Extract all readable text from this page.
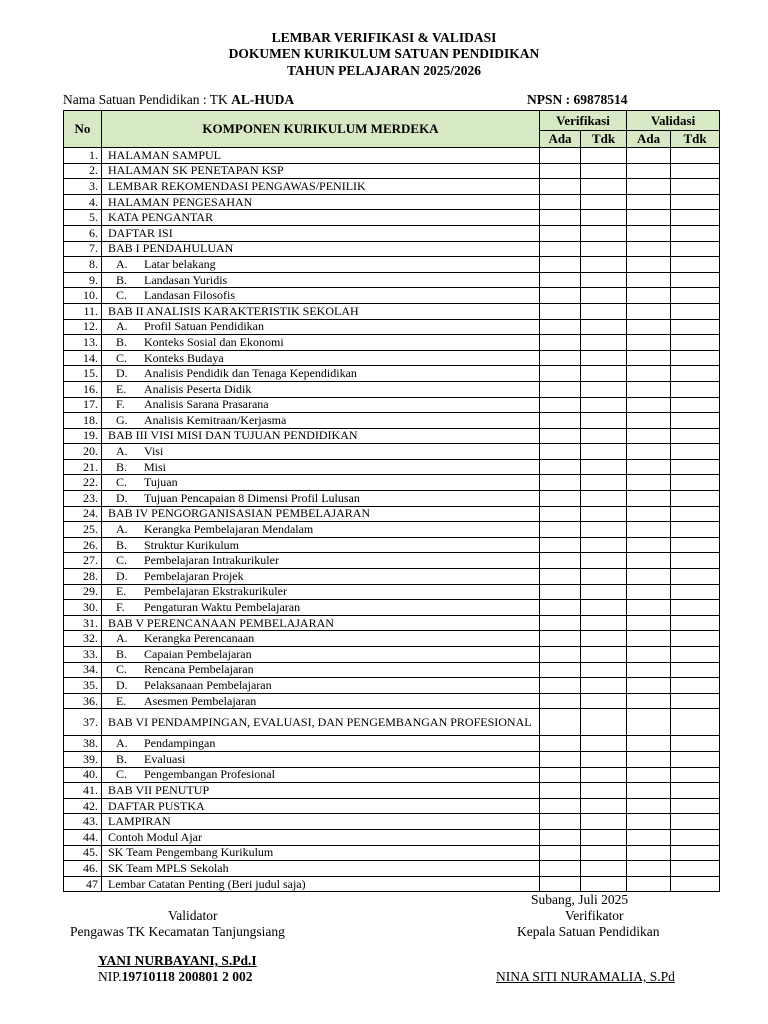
LEMBAR VERIFIKASI & VALIDASI
DOKUMEN KURIKULUM SATUAN PENDIDIKAN
TAHUN PELAJARAN 2025/2026
Nama Satuan Pendidikan : TK AL-HUDA	NPSN : 69878514
No	KOMPONEN KURIKULUM MERDEKA	Verifikasi		Validasi	
		Ada	Tdk	Ada	Tdk
1.	HALAMAN SAMPUL				
2.	HALAMAN SK PENETAPAN KSP				
3.	LEMBAR REKOMENDASI PENGAWAS/PENILIK				
4.	HALAMAN PENGESAHAN				
5.	KATA PENGANTAR				
6.	DAFTAR ISI				
7.	BAB I PENDAHULUAN				
8.	A. Latar belakang				
9.	B. Landasan Yuridis				
10.	C. Landasan Filosofis				
11.	BAB II ANALISIS KARAKTERISTIK SEKOLAH				
12.	A. Profil Satuan Pendidikan				
13.	B. Konteks Sosial dan Ekonomi				
14.	C. Konteks Budaya				
15.	D. Analisis Pendidik dan Tenaga Kependidikan				
16.	E. Analisis Peserta Didik				
17.	F. Analisis Sarana Prasarana				
18.	G. Analisis Kemitraan/Kerjasma				
19.	BAB III VISI MISI DAN TUJUAN PENDIDIKAN				
20.	A. Visi				
21.	B. Misi				
22.	C. Tujuan				
23.	D. Tujuan Pencapaian 8 Dimensi Profil Lulusan				
24.	BAB IV PENGORGANISASIAN PEMBELAJARAN				
25.	A. Kerangka Pembelajaran Mendalam				
26.	B. Struktur Kurikulum				
27.	C. Pembelajaran Intrakurikuler				
28.	D. Pembelajaran Projek				
29.	E. Pembelajaran Ekstrakurikuler				
30.	F. Pengaturan Waktu Pembelajaran				
31.	BAB V PERENCANAAN PEMBELAJARAN				
32.	A. Kerangka Perencanaan				
33.	B. Capaian Pembelajaran				
34.	C. Rencana Pembelajaran				
35.	D. Pelaksanaan Pembelajaran				
36.	E. Asesmen Pembelajaran				
37.	BAB VI PENDAMPINGAN, EVALUASI, DAN PENGEMBANGAN PROFESIONAL				
38.	A. Pendampingan				
39.	B. Evaluasi				
40.	C. Pengembangan Profesional				
41.	BAB VII PENUTUP				
42.	DAFTAR PUSTKA				
43.	LAMPIRAN				
44.	Contoh Modul Ajar				
45.	SK Team Pengembang Kurikulum				
46.	SK Team MPLS Sekolah				
47	Lembar Catatan Penting (Beri judul saja)				
Subang, Juli 2025
Validator	Verifikator
Pengawas TK Kecamatan Tanjungsiang	Kepala Satuan Pendidikan
YANI NURBAYANI, S.Pd.I
NIP.19710118 200801 2 002	NINA SITI NURAMALIA, S.Pd
